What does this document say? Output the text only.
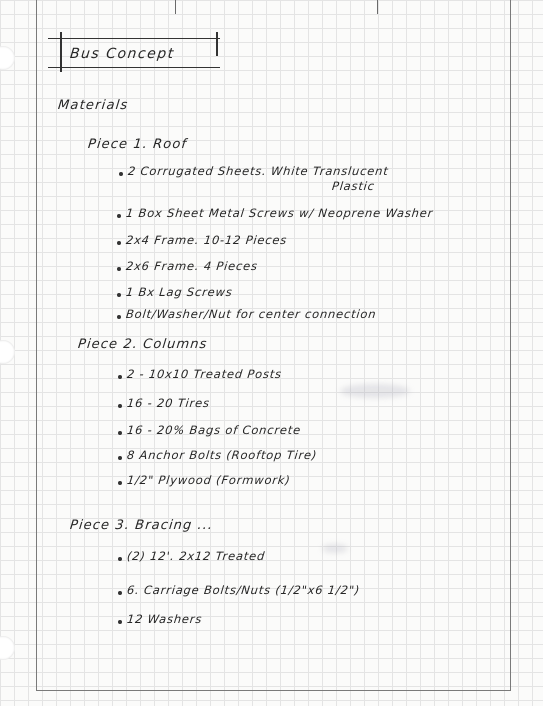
Bus Concept

Materials

Piece 1. Roof

2 Corrugated Sheets. White Translucent

Plastic

1 Box Sheet Metal Screws w/ Neoprene Washer

2x4 Frame. 10-12 Pieces

2x6 Frame. 4 Pieces

1 Bx Lag Screws

Bolt/Washer/Nut for center connection

Piece 2. Columns

2 - 10x10 Treated Posts

16 - 20 Tires

16 - 20% Bags of Concrete

8 Anchor Bolts (Rooftop Tire)

1/2" Plywood (Formwork)

Piece 3. Bracing ...

(2) 12'. 2x12 Treated

6. Carriage Bolts/Nuts (1/2"x6 1/2")

12 Washers
